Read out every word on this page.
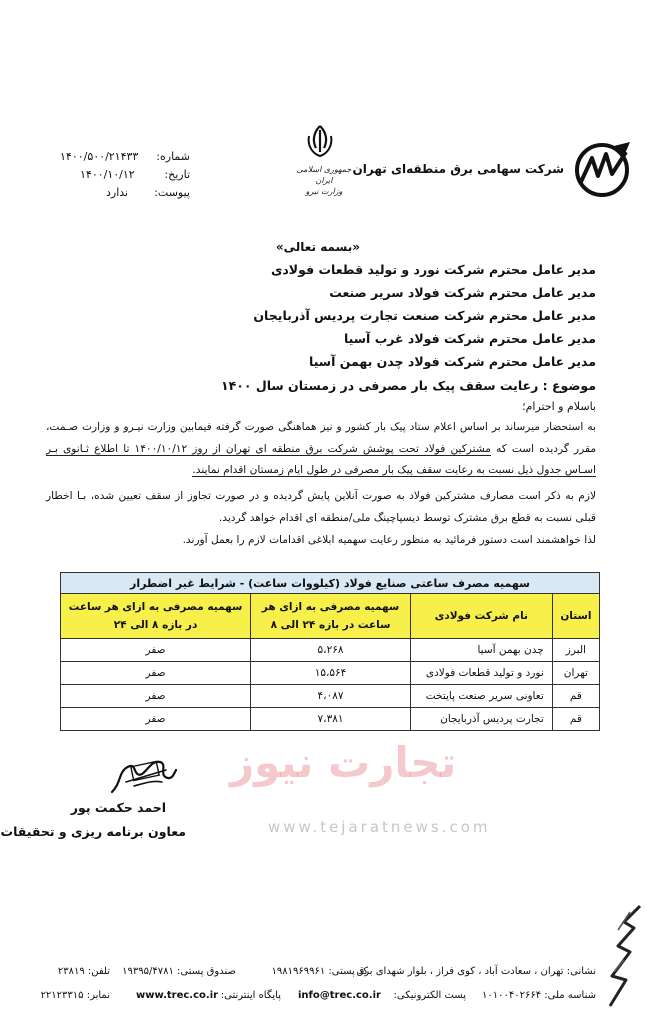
شرکت سهامی برق منطقه‌ای تهران
جمهوری اسلامی ایران
وزارت نیرو
۱۴۰۰/۵۰۰/۲۱۴۳۳	شماره:
۱۴۰۰/۱۰/۱۲	تاریخ:
ندارد	پیوست:
«بسمه تعالی»
مدیر عامل محترم شرکت نورد و تولید قطعات فولادی
مدیر عامل محترم شرکت فولاد سریر صنعت
مدیر عامل محترم شرکت صنعت تجارت پردیس آذربایجان
مدیر عامل محترم شرکت فولاد غرب آسیا
مدیر عامل محترم شرکت فولاد چدن بهمن آسیا
موضوع : رعایت سقف پیک بار مصرفی در زمستان سال ۱۴۰۰
باسلام و احترام؛

به استحضار میرساند بر اساس اعلام ستاد پیک بار کشور و نیز هماهنگی صورت گرفته فیمابین وزارت نیـرو و وزارت صـمت، مقرر گردیده است که مشترکین فولاد تحت پوشش شرکت برق منطقه ای تهران از روز ۱۴۰۰/۱۰/۱۲ تا اطلاع ثـانوی بـر اسـاس جدول ذیل نسبت به رعایت سقف پیک بار مصرفی در طول ایام زمستان اقدام نمایند.

لازم به ذکر است مصارف مشترکین فولاد به صورت آنلاین پایش گردیده و در صورت تجاوز از سقف تعیین شده، بـا اخطار قبلی نسبت به قطع برق مشترک توسط دیسپاچینگ ملی/منطقه ای اقدام خواهد گردید.

لذا خواهشمند است دستور فرمائید به منظور رعایت سهمیه ابلاغی اقدامات لازم را بعمل آورند.

سهمیه مصرف ساعتی صنایع فولاد (کیلووات ساعت) - شرایط غیر اضطرار			
استان	نام شرکت فولادی	سهمیه مصرفی به ازای هر ساعت در بازه ۲۴ الی ۸	سهمیه مصرفی به ازای هر ساعت در بازه ۸ الی ۲۴
البرز	چدن بهمن آسیا	۵،۲۶۸	صفر
تهران	نورد و تولید قطعات فولادی	۱۵،۵۶۴	صفر
قم	تعاونی سریر صنعت پایتخت	۴،۰۸۷	صفر
قم	تجارت پردیس آذربایجان	۷،۳۸۱	صفر
تجارت نیوز
www.tejaratnews.com
احمد حکمت پور
معاون برنامه ریزی و تحقیقات
نشانی: تهران ، سعادت آباد ، کوی فراز ، بلوار شهدای برق
کد پستی: ۱۹۸۱۹۶۹۹۶۱
صندوق پستی: ۱۹۳۹۵/۴۷۸۱
تلفن: ۲۳۸۱۹
شناسه ملی: ۱۰۱۰۰۴۰۲۶۶۴
پست الکترونیکی:
info@trec.co.ir
پایگاه اینترنتی:
www.trec.co.ir
نمابر: ۲۲۱۲۳۳۱۵
